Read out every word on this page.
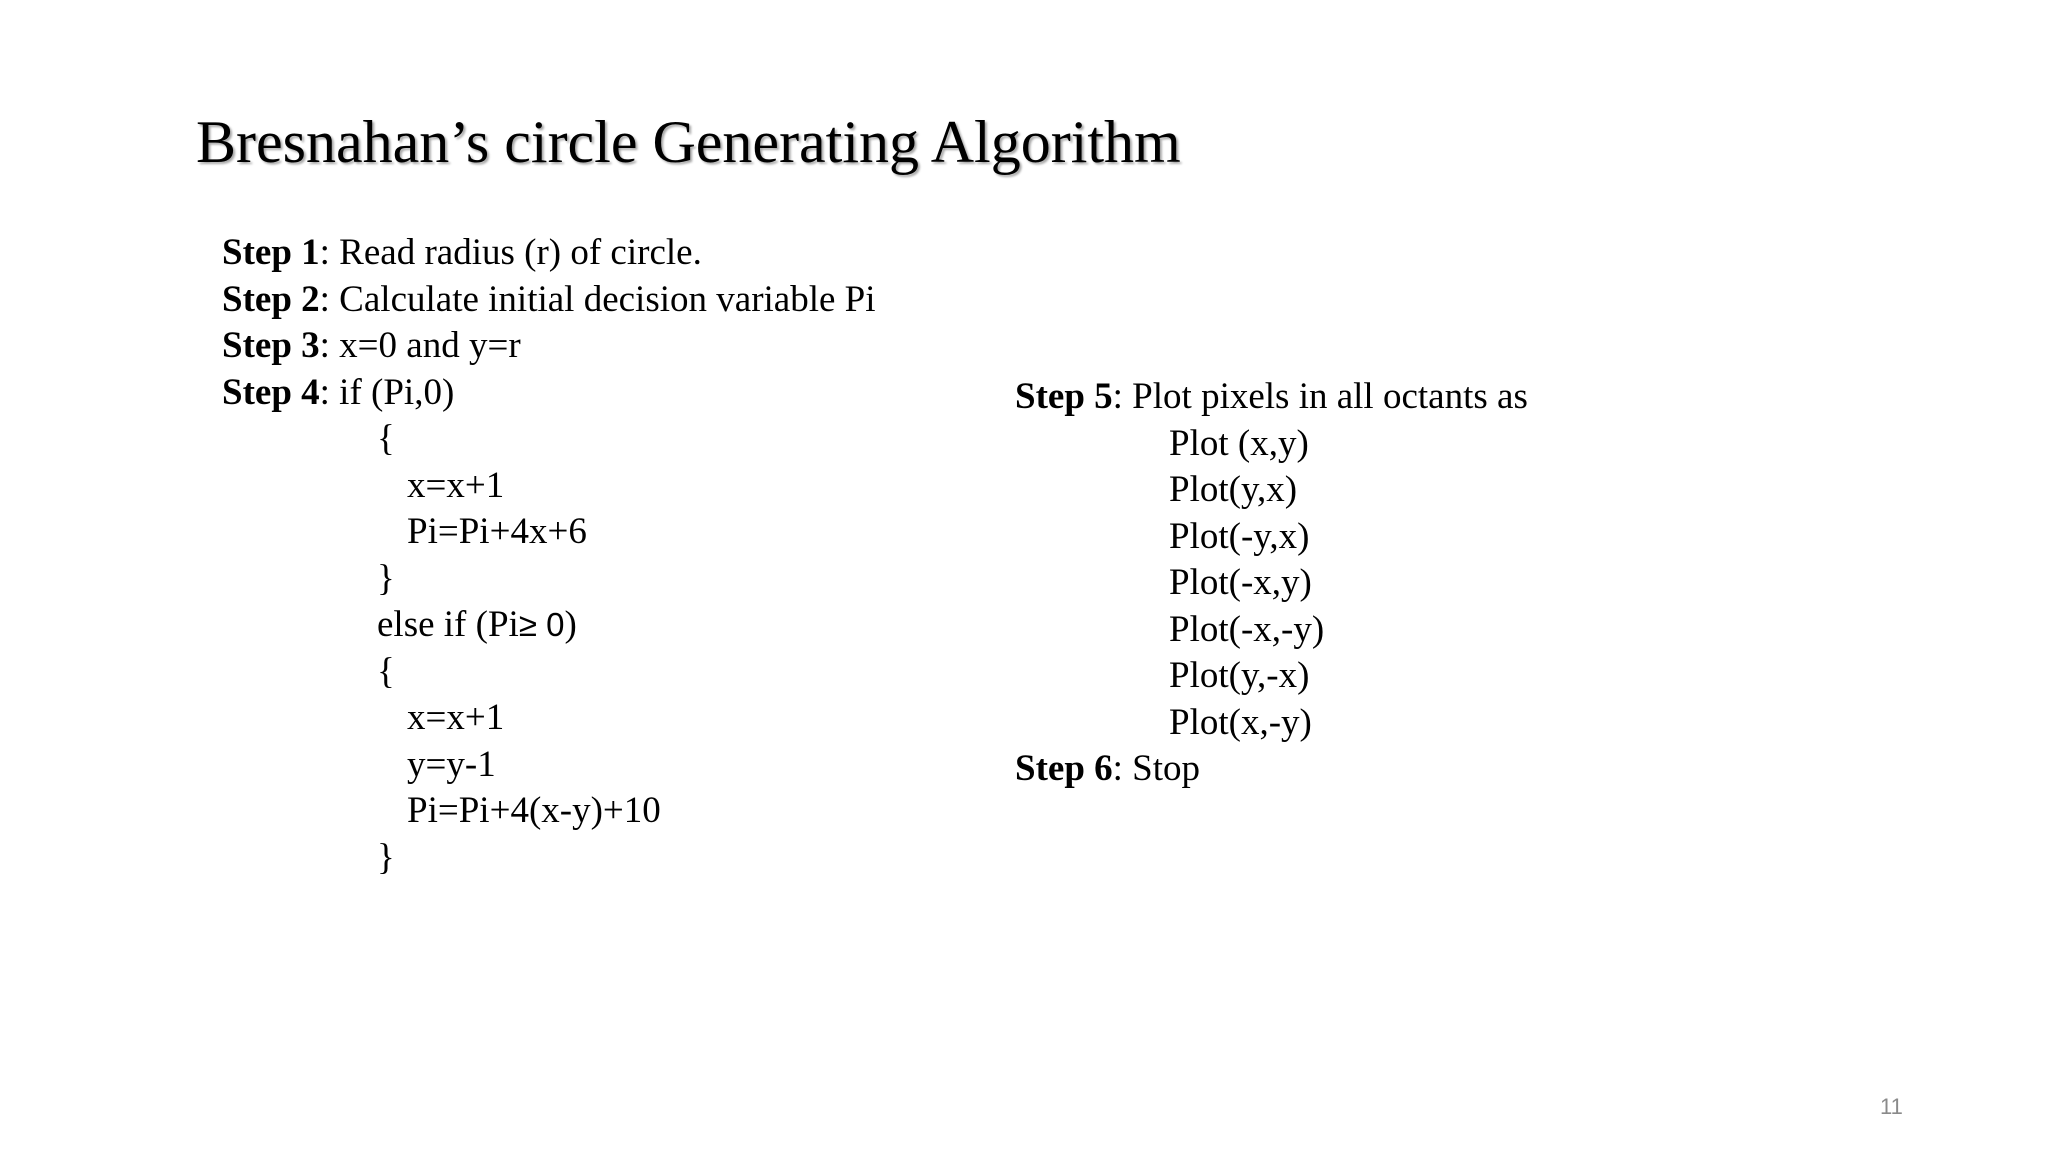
Bresnahan’s circle Generating Algorithm
Step 1: Read radius (r) of circle.
Step 2: Calculate initial decision variable Pi
Step 3: x=0 and y=r
Step 4: if (Pi,0)
{
x=x+1
Pi=Pi+4x+6
}
else if (Pi≥ 0)
{
x=x+1
y=y-1
Pi=Pi+4(x-y)+10
}
Step 5: Plot pixels in all octants as
Plot (x,y)
Plot(y,x)
Plot(-y,x)
Plot(-x,y)
Plot(-x,-y)
Plot(y,-x)
Plot(x,-y)
Step 6: Stop
11
